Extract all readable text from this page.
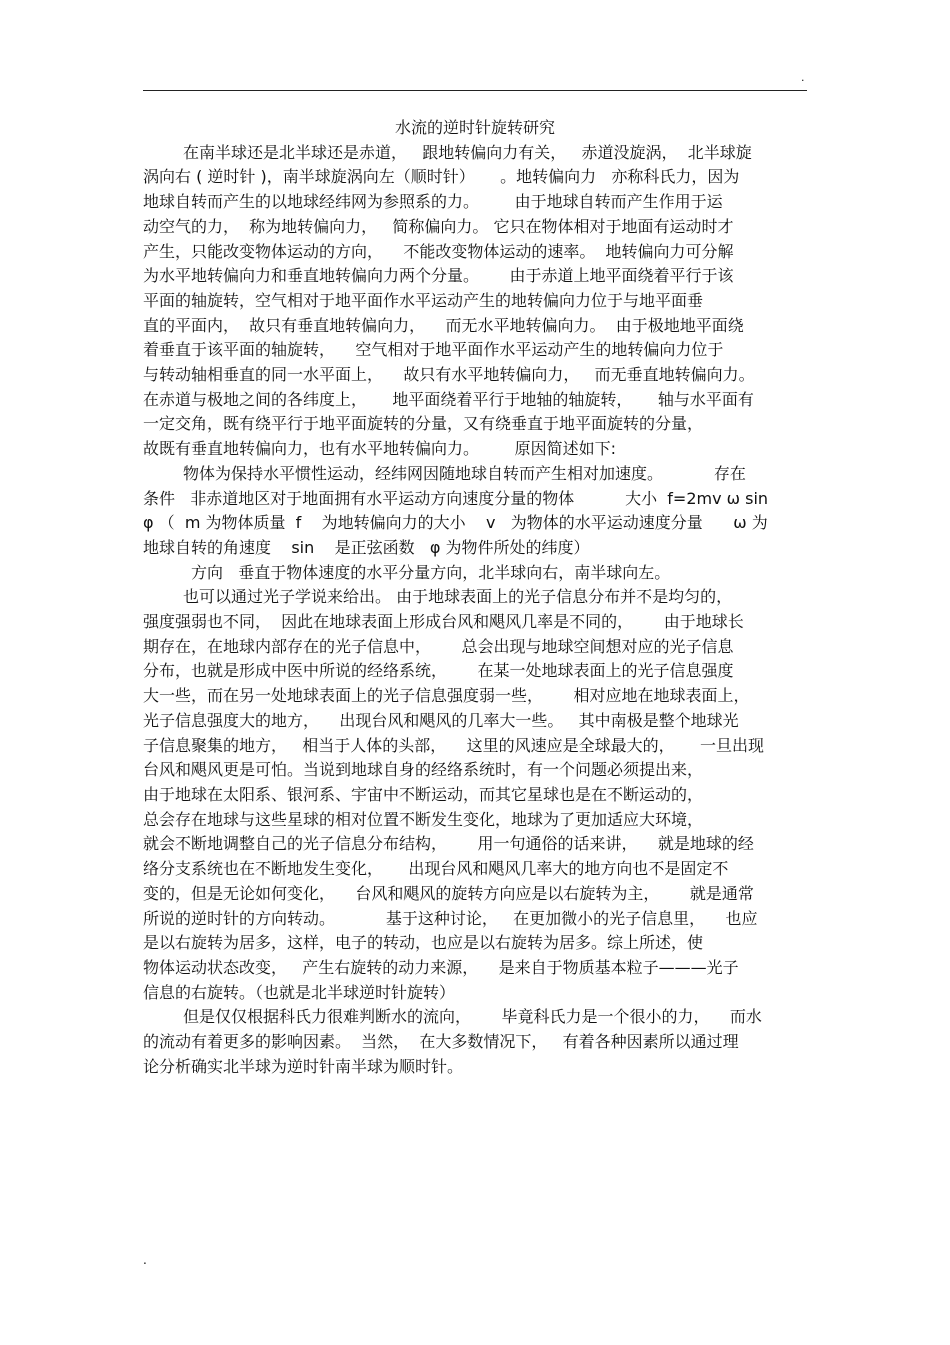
.

水流的逆时针旋转研究

在南半球还是北半球还是赤道，   跟地转偏向力有关，   赤道没旋涡，  北半球旋
涡向右 ( 逆时针 )，南半球旋涡向左（顺时针）     。地转偏向力   亦称科氏力，因为
地球自转而产生的以地球经纬网为参照系的力。       由于地球自转而产生作用于运
动空气的力，  称为地转偏向力，   简称偏向力。 它只在物体相对于地面有运动时才
产生，只能改变物体运动的方向，    不能改变物体运动的速率。  地转偏向力可分解
为水平地转偏向力和垂直地转偏向力两个分量。      由于赤道上地平面绕着平行于该
平面的轴旋转，空气相对于地平面作水平运动产生的地转偏向力位于与地平面垂
直的平面内，  故只有垂直地转偏向力，    而无水平地转偏向力。  由于极地地平面绕
着垂直于该平面的轴旋转，    空气相对于地平面作水平运动产生的地转偏向力位于
与转动轴相垂直的同一水平面上，    故只有水平地转偏向力，   而无垂直地转偏向力。
在赤道与极地之间的各纬度上，     地平面绕着平行于地轴的轴旋转，     轴与水平面有
一定交角，既有绕平行于地平面旋转的分量，又有绕垂直于地平面旋转的分量，
故既有垂直地转偏向力，也有水平地转偏向力。       原因简述如下:
物体为保持水平惯性运动，经纬网因随地球自转而产生相对加速度。          存在
条件   非赤道地区对于地面拥有水平运动方向速度分量的物体          大小  f=2mv ω sin
φ （  m 为物体质量  f    为地转偏向力的大小    v   为物体的水平运动速度分量      ω 为
地球自转的角速度    sin    是正弦函数   φ 为物件所处的纬度）
方向   垂直于物体速度的水平分量方向，北半球向右，南半球向左。
也可以通过光子学说来给出。 由于地球表面上的光子信息分布并不是均匀的，
强度强弱也不同，  因此在地球表面上形成台风和飓风几率是不同的，      由于地球长
期存在，在地球内部存在的光子信息中，      总会出现与地球空间想对应的光子信息
分布，也就是形成中医中所说的经络系统，      在某一处地球表面上的光子信息强度
大一些，而在另一处地球表面上的光子信息强度弱一些，      相对应地在地球表面上，
光子信息强度大的地方，    出现台风和飓风的几率大一些。   其中南极是整个地球光
子信息聚集的地方，   相当于人体的头部，    这里的风速应是全球最大的，     一旦出现
台风和飓风更是可怕。当说到地球自身的经络系统时，有一个问题必须提出来，
由于地球在太阳系、银河系、宇宙中不断运动，而其它星球也是在不断运动的，
总会存在地球与这些星球的相对位置不断发生变化，地球为了更加适应大环境，
就会不断地调整自己的光子信息分布结构，      用一句通俗的话来讲，    就是地球的经
络分支系统也在不断地发生变化，     出现台风和飓风几率大的地方向也不是固定不
变的，但是无论如何变化，    台风和飓风的旋转方向应是以右旋转为主，      就是通常
所说的逆时针的方向转动。          基于这种讨论，   在更加微小的光子信息里，    也应
是以右旋转为居多，这样，电子的转动，也应是以右旋转为居多。综上所述，使
物体运动状态改变，   产生右旋转的动力来源，    是来自于物质基本粒子———光子
信息的右旋转。（也就是北半球逆时针旋转）
但是仅仅根据科氏力很难判断水的流向，      毕竟科氏力是一个很小的力，    而水
的流动有着更多的影响因素。  当然，  在大多数情况下，   有着各种因素所以通过理
论分析确实北半球为逆时针南半球为顺时针。
.
